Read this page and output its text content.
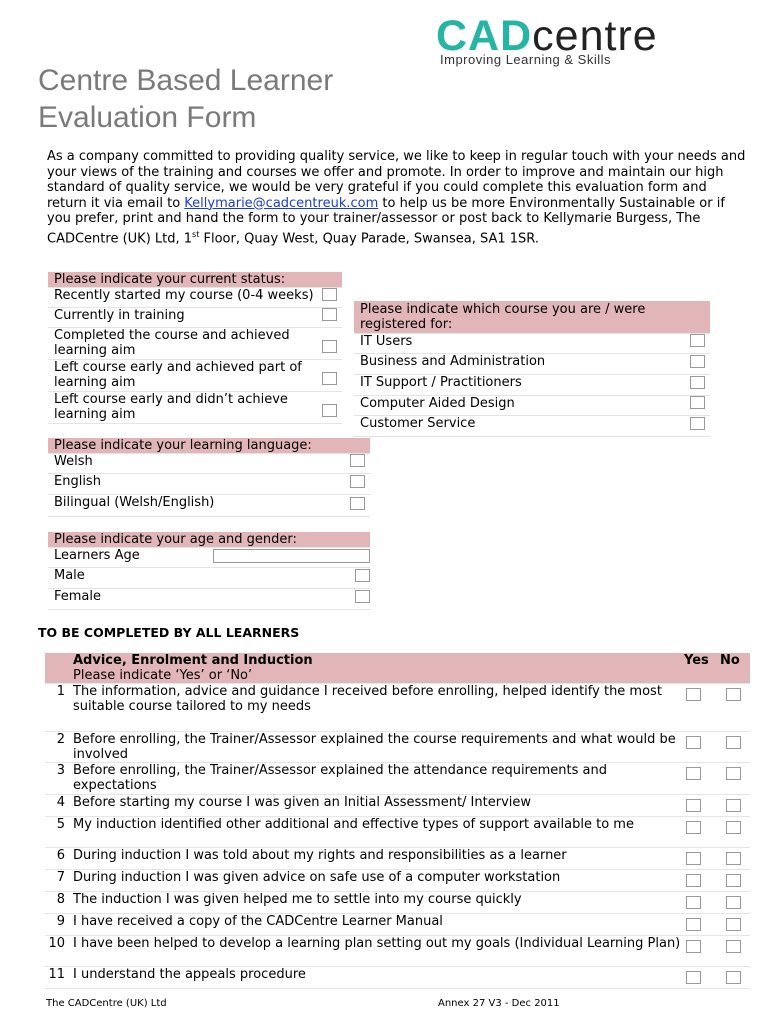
CADcentre
Improving Learning & Skills
Centre Based Learner
Evaluation Form
As a company committed to providing quality service, we like to keep in regular touch with your needs and your views of the training and courses we offer and promote. In order to improve and maintain our high standard of quality service, we would be very grateful if you could complete this evaluation form and return it via email to Kellymarie@cadcentreuk.com to help us be more Environmentally Sustainable or if you prefer, print and hand the form to your trainer/assessor or post back to Kellymarie Burgess, The CADCentre (UK) Ltd, 1st Floor, Quay West, Quay Parade, Swansea, SA1 1SR.
Please indicate your current status:	
Recently started my course (0-4 weeks)	
Currently in training	
Completed the course and achieved learning aim	
Left course early and achieved part of learning aim	
Left course early and didn’t achieve learning aim	
Please indicate which course you are / were registered for:	
IT Users	
Business and Administration	
IT Support / Practitioners	
Computer Aided Design	
Customer Service	
Please indicate your learning language:	
Welsh	
English	
Bilingual (Welsh/English)	
Please indicate your age and gender:	
Learners Age	
Male	
Female	
TO BE COMPLETED BY ALL LEARNERS

	Advice, Enrolment and Induction
Please indicate ‘Yes’ or ‘No’	Yes	No
1	The information, advice and guidance I received before enrolling, helped identify the most
suitable course tailored to my needs		
2	Before enrolling, the Trainer/Assessor explained the course requirements and what would be involved		
3	Before enrolling, the Trainer/Assessor explained the attendance requirements and expectations		
4	Before starting my course I was given an Initial Assessment/ Interview		
5	My induction identified other additional and effective types of support available to me		
6	During induction I was told about my rights and responsibilities as a learner		
7	During induction I was given advice on safe use of a computer workstation		
8	The induction I was given helped me to settle into my course quickly		
9	I have received a copy of the CADCentre Learner Manual		
10	I have been helped to develop a learning plan setting out my goals (Individual Learning Plan)		
11	I understand the appeals procedure		
The CADCentre (UK) Ltd	Annex 27 V3 - Dec 2011
